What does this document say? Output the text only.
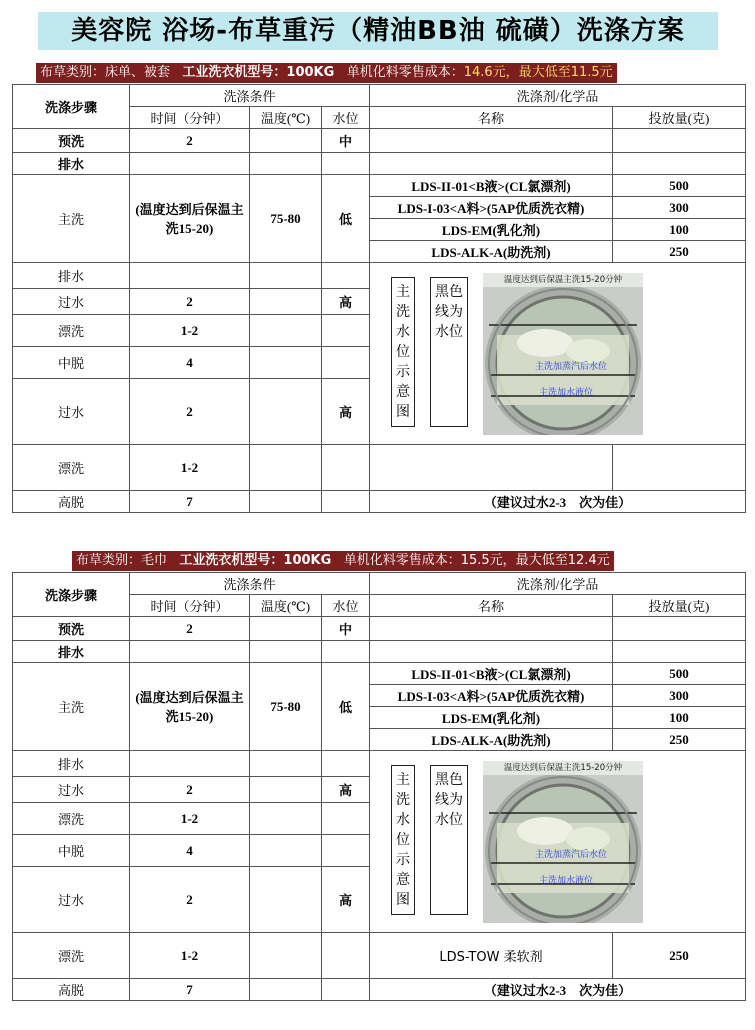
美容院 浴场-布草重污（精油BB油 硫磺）洗涤方案
布草类别：床单、被套 工业洗衣机型号：100KG 单机化料零售成本：14.6元，最大低至11.5元
洗涤步骤	洗涤条件			洗涤剂/化学品	
	时间（分钟）	温度(℃)	水位	名称	投放量(克)
预洗	2		中		
排水					
主洗	(温度达到后保温主洗15-20)	75-80	低	LDS-II-01<B液>(CL氯漂剂)	500
				LDS-I-03<A料>(5AP优质洗衣精)	300
				LDS-EM(乳化剂)	100
				LDS-ALK-A(助洗剂)	250
排水				主洗水位示意图
黑色线为水位
温度达到后保温主洗15-20分钟
主洗加蒸汽后水位
主洗加水液位	

过水	2		高		
漂洗	1-2				
中脱	4				
过水	2		高		
漂洗	1-2				
高脱	7			（建议过水2-3　次为佳）	
布草类别：毛巾 工业洗衣机型号：100KG 单机化料零售成本：15.5元，最大低至12.4元
洗涤步骤	洗涤条件			洗涤剂/化学品	
	时间（分钟）	温度(℃)	水位	名称	投放量(克)
预洗	2		中		
排水					
主洗	(温度达到后保温主洗15-20)	75-80	低	LDS-II-01<B液>(CL氯漂剂)	500
				LDS-I-03<A料>(5AP优质洗衣精)	300
				LDS-EM(乳化剂)	100
				LDS-ALK-A(助洗剂)	250
排水				主洗水位示意图
黑色线为水位
温度达到后保温主洗15-20分钟
主洗加蒸汽后水位
主洗加水液位	

过水	2		高		
漂洗	1-2				
中脱	4				
过水	2		高		
漂洗	1-2			LDS-TOW 柔软剂	250
高脱	7			（建议过水2-3　次为佳）	
